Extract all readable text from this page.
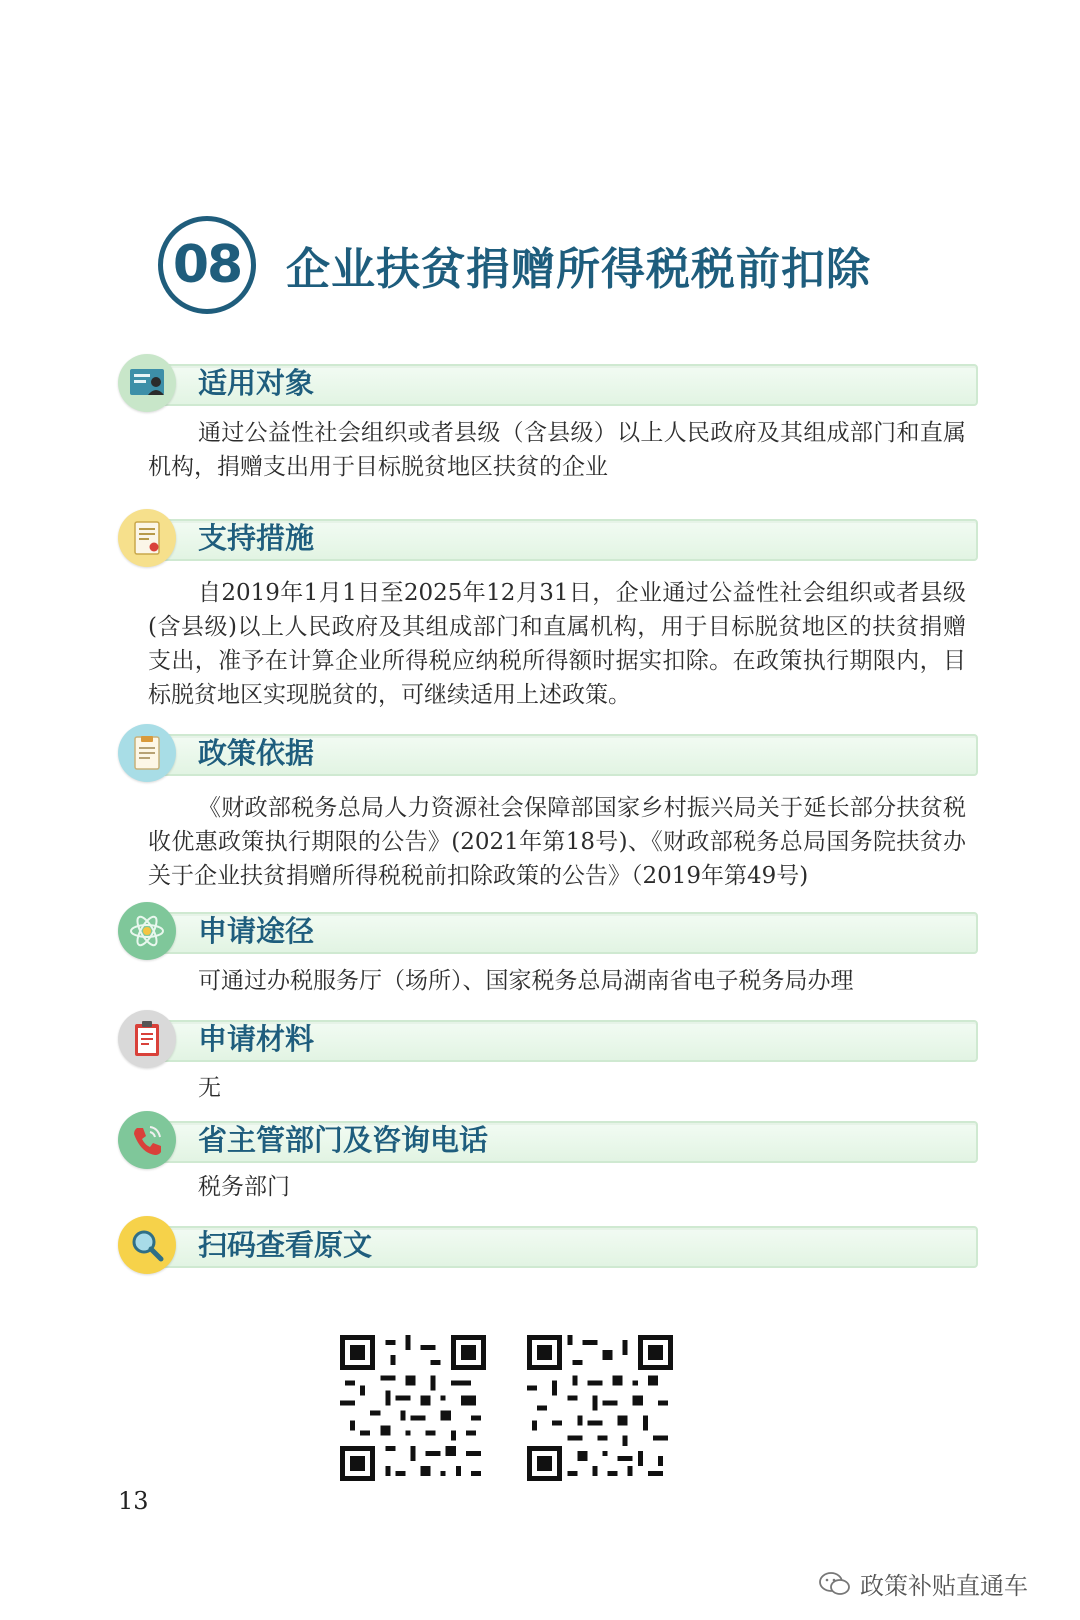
08	企业扶贫捐赠所得税税前扣除
适用对象
通过公益性社会组织或者县级（含县级）以上人民政府及其组成部门和直属机构，捐赠支出用于目标脱贫地区扶贫的企业
支持措施
自2019年1月1日至2025年12月31日，企业通过公益性社会组织或者县级(含县级)以上人民政府及其组成部门和直属机构，用于目标脱贫地区的扶贫捐赠支出，准予在计算企业所得税应纳税所得额时据实扣除。在政策执行期限内，目标脱贫地区实现脱贫的，可继续适用上述政策。
政策依据
《财政部税务总局人力资源社会保障部国家乡村振兴局关于延长部分扶贫税收优惠政策执行期限的公告》(2021年第18号)、《财政部税务总局国务院扶贫办关于企业扶贫捐赠所得税税前扣除政策的公告》（2019年第49号)
申请途径
可通过办税服务厅（场所）、国家税务总局湖南省电子税务局办理
申请材料
无
省主管部门及咨询电话
税务部门
扫码查看原文
13
政策补贴直通车
